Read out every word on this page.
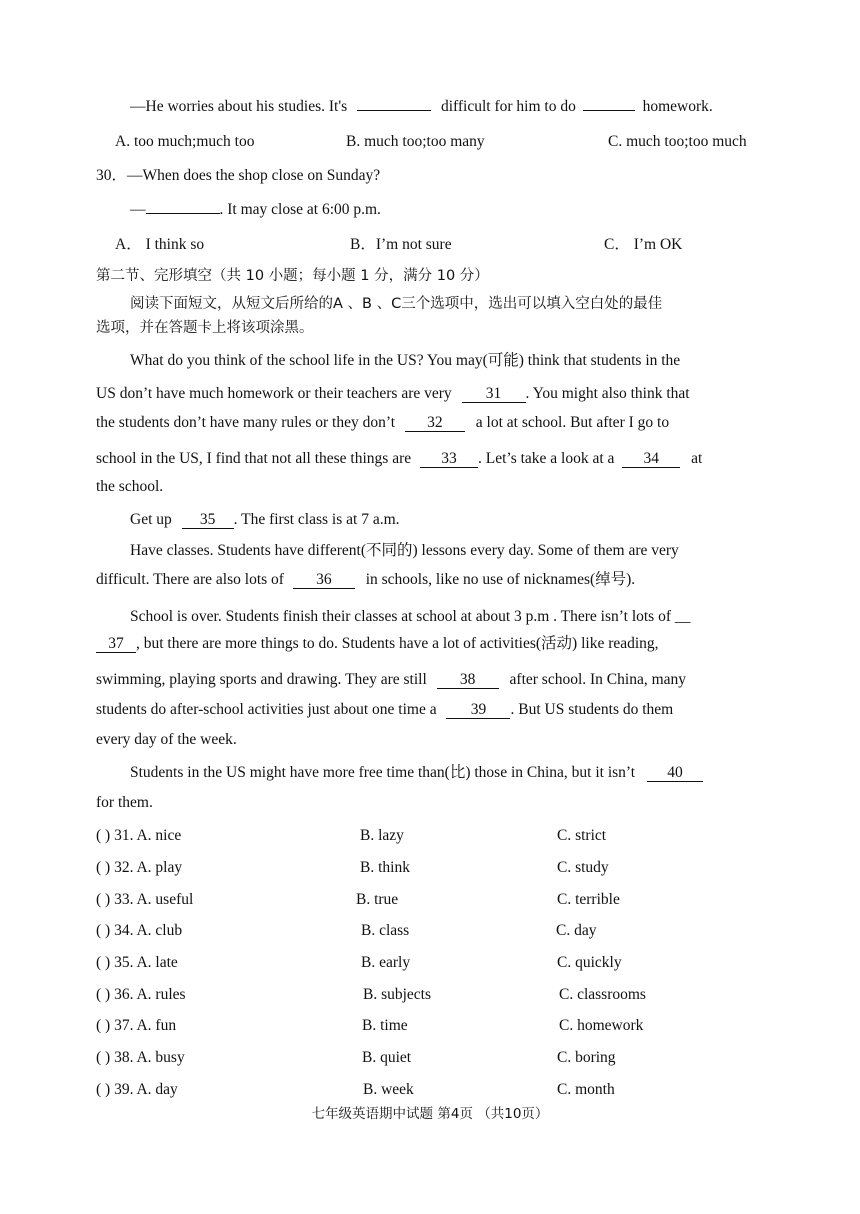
—He worries about his studies. It's	difficult for him to do	homework.
A. too much;much too	B. much too;too many	C. much too;too much
30．—When does the shop close on Sunday?
—	. It may close at 6:00 p.m.
A． I think so	B．I’m not sure	C． I’m OK
第二节、完形填空（共 10 小题；每小题 1 分，满分 10 分）
阅读下面短文，从短文后所给的A 、B 、C三个选项中，选出可以填入空白处的最佳
选项，并在答题卡上将该项涂黑。
What do you think of the school life in the US? You may(可能) think that students in the
US don’t have much homework or their teachers are very 31 . You might also think that
the students don’t have many rules or they don’t 32 a lot at school. But after I go to
school in the US, I find that not all these things are 33 . Let’s take a look at a 34 at
the school.
Get up 35 . The first class is at 7 a.m.
Have classes. Students have different(不同的) lessons every day. Some of them are very
difficult. There are also lots of 36 in schools, like no use of nicknames(绰号).
School is over. Students finish their classes at school at about 3 p.m . There isn’t lots of __
37 , but there are more things to do. Students have a lot of activities(活动) like reading,
swimming, playing sports and drawing. They are still 38 after school. In China, many
students do after-school activities just about one time a 39 . But US students do them
every day of the week.
Students in the US might have more free time than(比) those in China, but it isn’t 40
for them.
( ) 31. A. nice	B. lazy	C. strict
( ) 32. A. play	B. think	C. study
( ) 33. A. useful	B. true	C. terrible
( ) 34. A. club	B. class	C. day
( ) 35. A. late	B. early	C. quickly
( ) 36. A. rules	B. subjects	C. classrooms
( ) 37. A. fun	B. time	C. homework
( ) 38. A. busy	B. quiet	C. boring
( ) 39. A. day	B. week	C. month
七年级英语期中试题 第4页 （共10页）
